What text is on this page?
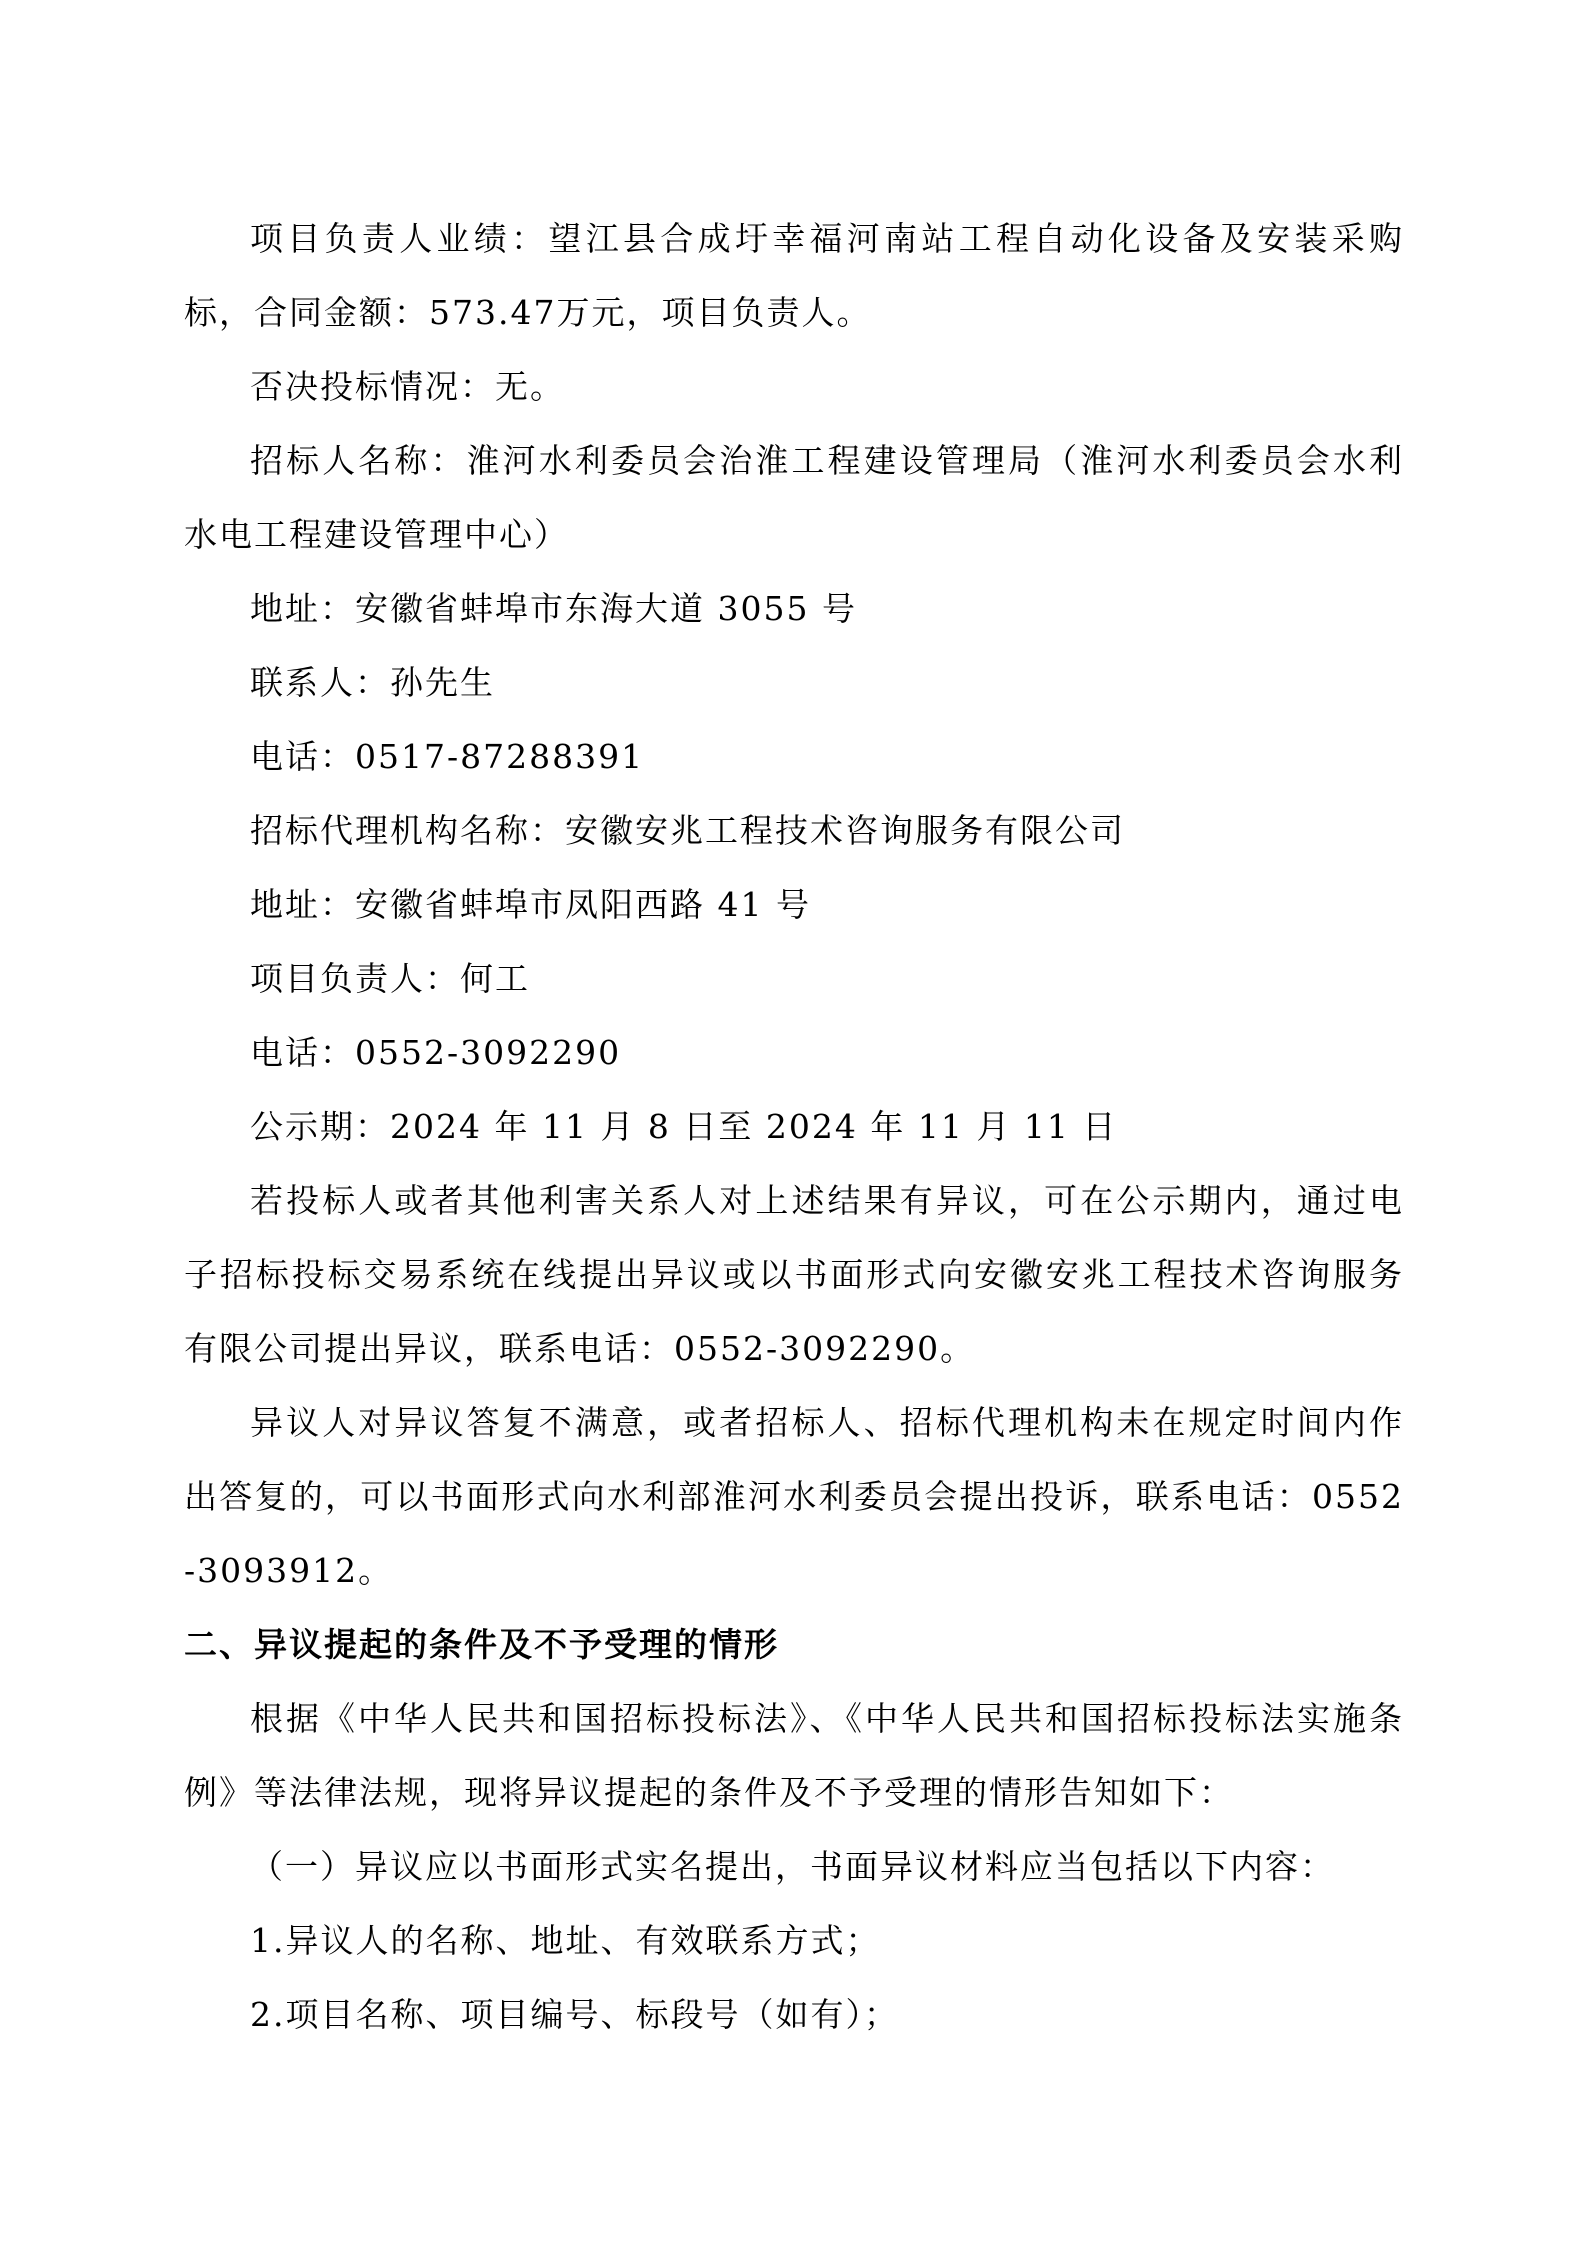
项目负责人业绩：望江县合成圩幸福河南站工程自动化设备及安装采购标，合同金额：573.47万元，项目负责人。

否决投标情况：无。

招标人名称：淮河水利委员会治淮工程建设管理局（淮河水利委员会水利水电工程建设管理中心）

地址：安徽省蚌埠市东海大道 3055 号

联系人：孙先生

电话：0517-87288391

招标代理机构名称：安徽安兆工程技术咨询服务有限公司

地址：安徽省蚌埠市凤阳西路 41 号

项目负责人：何工

电话：0552-3092290

公示期：2024 年 11 月 8 日至 2024 年 11 月 11 日

若投标人或者其他利害关系人对上述结果有异议，可在公示期内，通过电子招标投标交易系统在线提出异议或以书面形式向安徽安兆工程技术咨询服务有限公司提出异议，联系电话：0552-3092290。

异议人对异议答复不满意，或者招标人、招标代理机构未在规定时间内作出答复的，可以书面形式向水利部淮河水利委员会提出投诉，联系电话：0552-3093912。

二、异议提起的条件及不予受理的情形

根据《中华人民共和国招标投标法》、《中华人民共和国招标投标法实施条例》等法律法规，现将异议提起的条件及不予受理的情形告知如下：

（一）异议应以书面形式实名提出，书面异议材料应当包括以下内容：

1.异议人的名称、地址、有效联系方式；

2.项目名称、项目编号、标段号（如有）；
